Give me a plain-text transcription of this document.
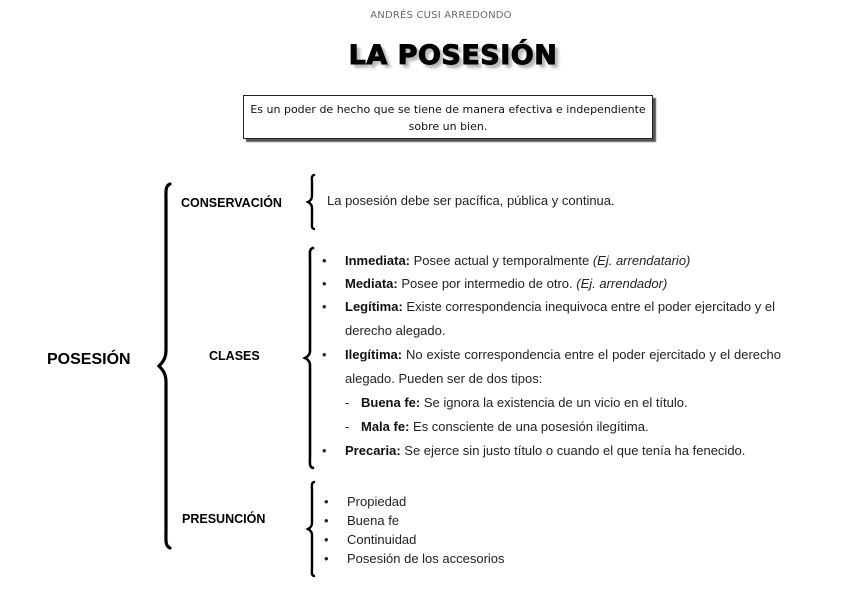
ANDRÉS CUSI ARREDONDO
LA POSESIÓN
Es un poder de hecho que se tiene de manera efectiva e independiente sobre un bien.
POSESIÓN
CONSERVACIÓN	La posesión debe ser pacífica, pública y continua.
CLASES
• Inmediata: Posee actual y temporalmente (Ej. arrendatario)
• Mediata: Posee por intermedio de otro. (Ej. arrendador)
• Legítima: Existe correspondencia inequivoca entre el poder ejercitado y el derecho alegado.
• Ilegítima: No existe correspondencia entre el poder ejercitado y el derecho alegado. Pueden ser de dos tipos:
- Buena fe: Se ignora la existencia de un vicio en el título.
- Mala fe: Es consciente de una posesión ilegítima.
• Precaria: Se ejerce sin justo título o cuando el que tenía ha fenecido.
PRESUNCIÓN
• Propiedad
• Buena fe
• Continuidad
• Posesión de los accesorios
